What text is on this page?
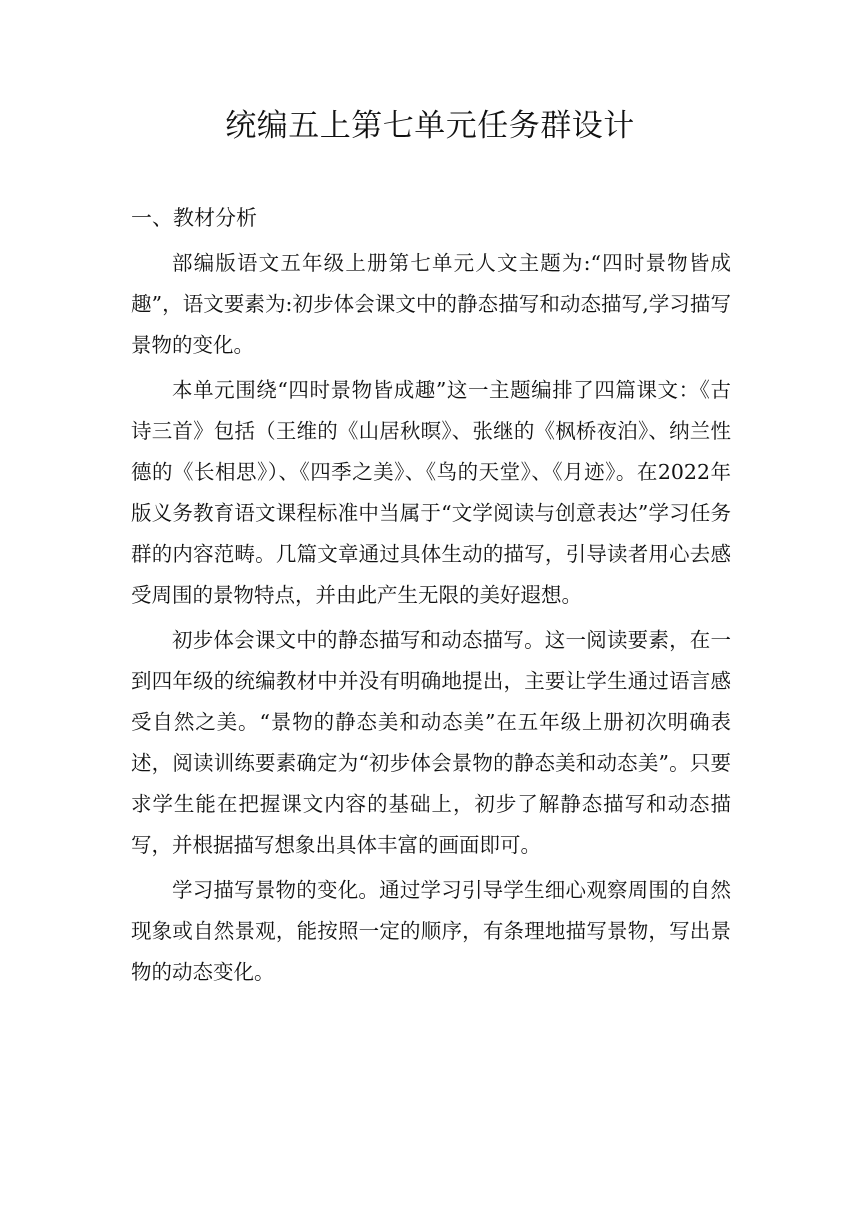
统编五上第七单元任务群设计
一、教材分析

部编版语文五年级上册第七单元人文主题为:“四时景物皆成趣”，语文要素为:初步体会课文中的静态描写和动态描写,学习描写景物的变化。

本单元围绕“四时景物皆成趣”这一主题编排了四篇课文：《古诗三首》包括（王维的《山居秋暝》、张继的《枫桥夜泊》、纳兰性德的《长相思》）、《四季之美》、《鸟的天堂》、《月迹》。在2022年版义务教育语文课程标准中当属于“文学阅读与创意表达”学习任务群的内容范畴。几篇文章通过具体生动的描写，引导读者用心去感受周围的景物特点，并由此产生无限的美好遐想。

初步体会课文中的静态描写和动态描写。这一阅读要素，在一到四年级的统编教材中并没有明确地提出，主要让学生通过语言感受自然之美。“景物的静态美和动态美”在五年级上册初次明确表述，阅读训练要素确定为“初步体会景物的静态美和动态美”。只要求学生能在把握课文内容的基础上，初步了解静态描写和动态描写，并根据描写想象出具体丰富的画面即可。

学习描写景物的变化。通过学习引导学生细心观察周围的自然现象或自然景观，能按照一定的顺序，有条理地描写景物，写出景物的动态变化。
